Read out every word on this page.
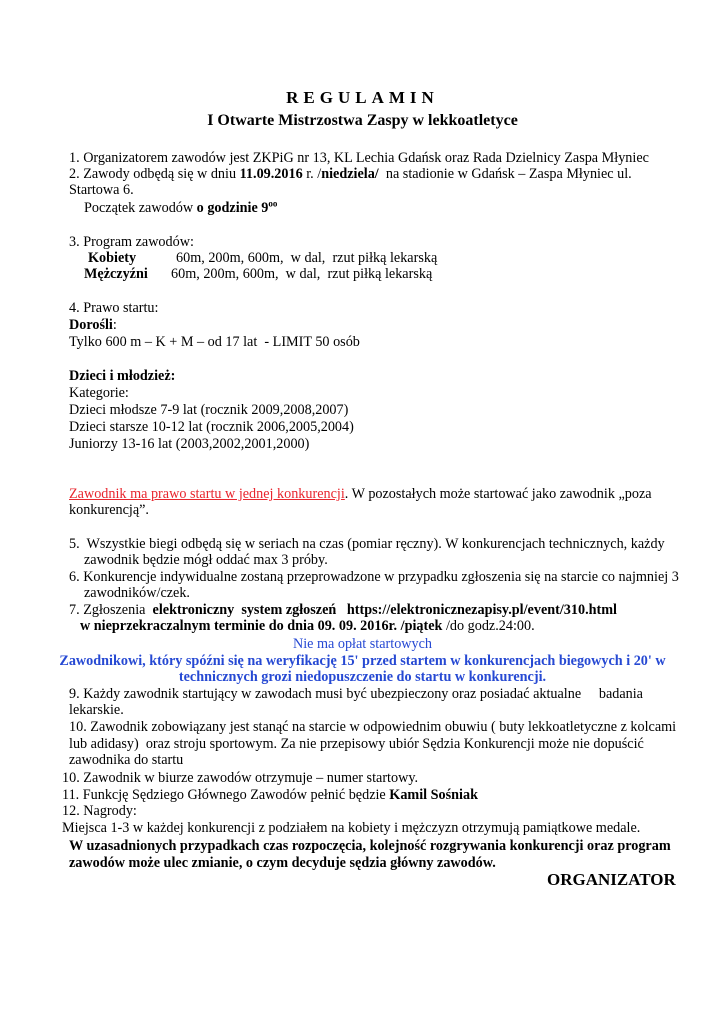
REGULAMIN
I Otwarte Mistrzostwa Zaspy w lekkoatletyce
1. Organizatorem zawodów jest ZKPiG nr 13, KL Lechia Gdańsk oraz Rada Dzielnicy Zaspa Młyniec
2. Zawody odbędą się w dniu 11.09.2016 r. /niedziela/  na stadionie w Gdańsk – Zaspa Młyniec ul.
Startowa 6.
Początek zawodów o godzinie $9^{oo}$
3. Program zawodów:
Kobiety	60m, 200m, 600m,  w dal,  rzut piłką lekarską
Mężczyźni 60m, 200m, 600m,  w dal,  rzut piłką lekarską
4. Prawo startu:
Dorośli:
Tylko 600 m – K + M – od 17 lat  - LIMIT 50 osób
Dzieci i młodzież:
Kategorie:
Dzieci młodsze 7-9 lat (rocznik 2009,2008,2007)
Dzieci starsze 10-12 lat (rocznik 2006,2005,2004)
Juniorzy 13-16 lat (2003,2002,2001,2000)
Zawodnik ma prawo startu w jednej konkurencji. W pozostałych może startować jako zawodnik „poza
konkurencją”.
5.  Wszystkie biegi odbędą się w seriach na czas (pomiar ręczny). W konkurencjach technicznych, każdy
zawodnik będzie mógł oddać max 3 próby.
6. Konkurencje indywidualne zostaną przeprowadzone w przypadku zgłoszenia się na starcie co najmniej 3
zawodników/czek.
7. Zgłoszenia  elektroniczny  system zgłoszeń   https://elektronicznezapisy.pl/event/310.html
w nieprzekraczalnym terminie do dnia 09. 09. 2016r. /piątek /do godz.24:00.
Nie ma opłat startowych
Zawodnikowi, który spóźni się na weryfikację 15' przed startem w konkurencjach biegowych i 20' w
technicznych grozi niedopuszczenie do startu w konkurencji.
9. Każdy zawodnik startujący w zawodach musi być ubezpieczony oraz posiadać aktualne     badania
lekarskie.
10. Zawodnik zobowiązany jest stanąć na starcie w odpowiednim obuwiu ( buty lekkoatletyczne z kolcami
lub adidasy)  oraz stroju sportowym. Za nie przepisowy ubiór Sędzia Konkurencji może nie dopuścić
zawodnika do startu
10. Zawodnik w biurze zawodów otrzymuje – numer startowy.
11. Funkcję Sędziego Głównego Zawodów pełnić będzie Kamil Sośniak
12. Nagrody:
Miejsca 1-3 w każdej konkurencji z podziałem na kobiety i mężczyzn otrzymują pamiątkowe medale.
W uzasadnionych przypadkach czas rozpoczęcia, kolejność rozgrywania konkurencji oraz program
zawodów może ulec zmianie, o czym decyduje sędzia główny zawodów.
ORGANIZATOR
